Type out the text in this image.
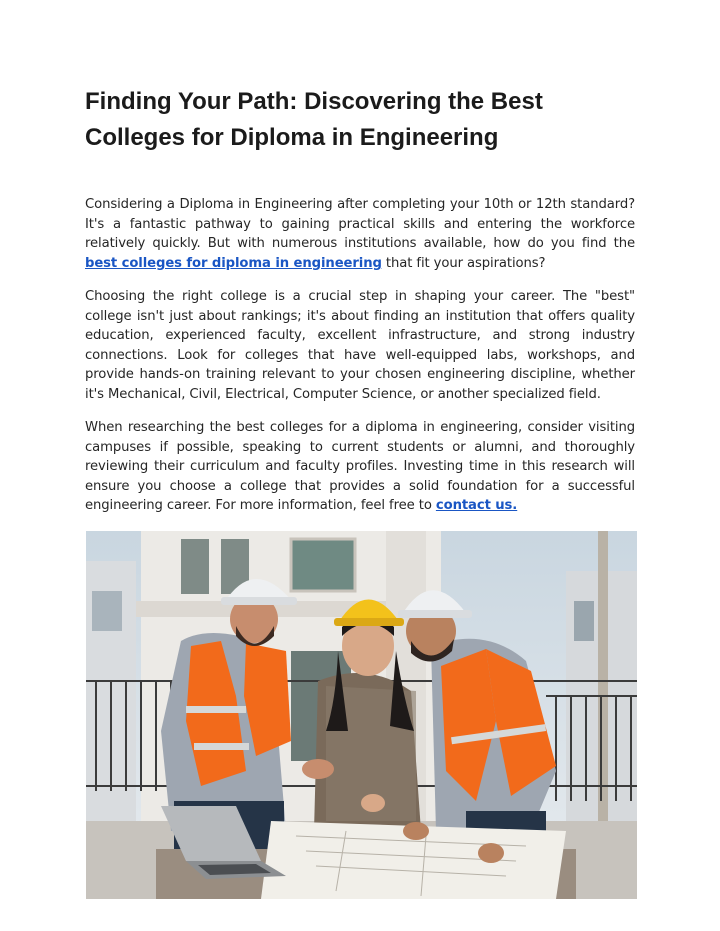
Finding Your Path: Discovering the Best Colleges for Diploma in Engineering

Considering a Diploma in Engineering after completing your 10th or 12th standard? It's a fantastic pathway to gaining practical skills and entering the workforce relatively quickly. But with numerous institutions available, how do you find the best colleges for diploma in engineering that fit your aspirations?

Choosing the right college is a crucial step in shaping your career. The "best" college isn't just about rankings; it's about finding an institution that offers quality education, experienced faculty, excellent infrastructure, and strong industry connections. Look for colleges that have well-equipped labs, workshops, and provide hands-on training relevant to your chosen engineering discipline, whether it's Mechanical, Civil, Electrical, Computer Science, or another specialized field.

When researching the best colleges for a diploma in engineering, consider visiting campuses if possible, speaking to current students or alumni, and thoroughly reviewing their curriculum and faculty profiles. Investing time in this research will ensure you choose a college that provides a solid foundation for a successful engineering career. For more information, feel free to contact us.
